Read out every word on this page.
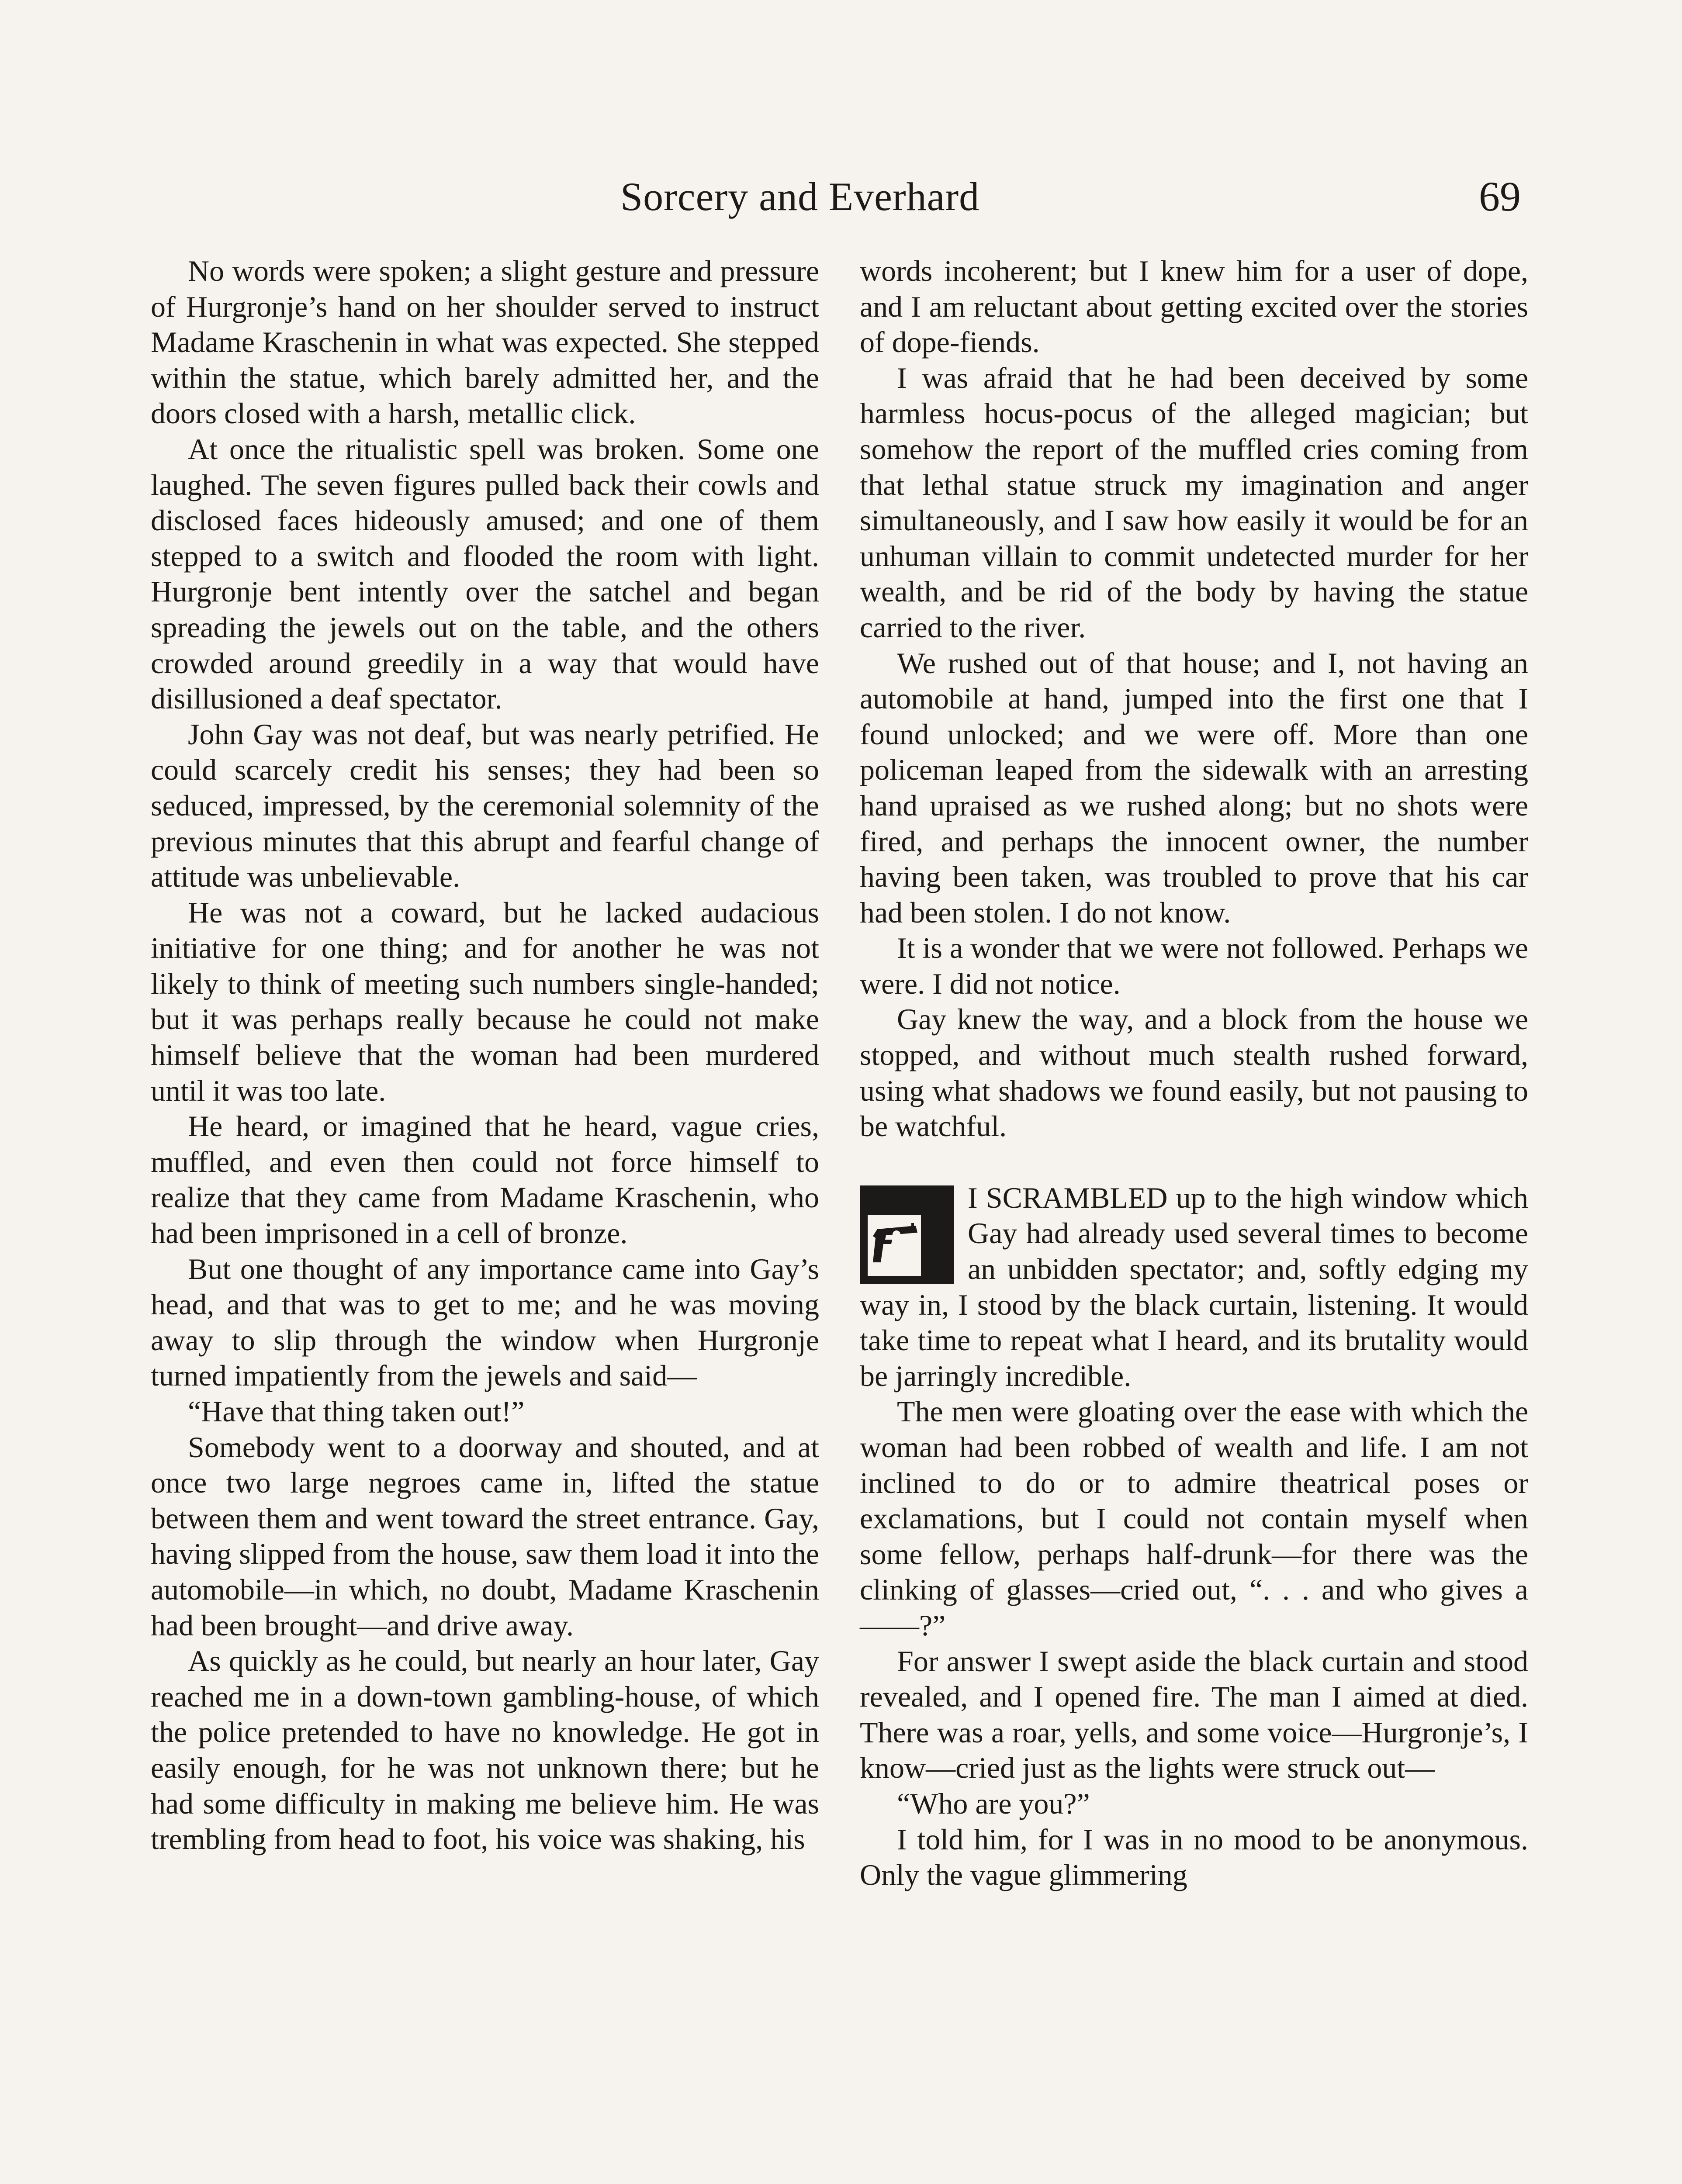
Sorcery and Everhard	69

No words were spoken; a slight gesture and pressure of Hurgronje’s hand on her shoulder served to instruct Madame Kraschenin in what was expected. She stepped within the statue, which barely admitted her, and the doors closed with a harsh, metallic click.

At once the ritualistic spell was broken. Some one laughed. The seven figures pulled back their cowls and disclosed faces hideously amused; and one of them stepped to a switch and flooded the room with light. Hurgronje bent intently over the satchel and began spreading the jewels out on the table, and the others crowded around greedily in a way that would have disillusioned a deaf spectator.

John Gay was not deaf, but was nearly petrified. He could scarcely credit his senses; they had been so seduced, impressed, by the ceremonial solemnity of the previous minutes that this abrupt and fearful change of attitude was unbelievable.

He was not a coward, but he lacked audacious initiative for one thing; and for another he was not likely to think of meeting such numbers single-handed; but it was perhaps really because he could not make himself believe that the woman had been murdered until it was too late.

He heard, or imagined that he heard, vague cries, muffled, and even then could not force himself to realize that they came from Madame Kraschenin, who had been imprisoned in a cell of bronze.

But one thought of any importance came into Gay’s head, and that was to get to me; and he was moving away to slip through the window when Hurgronje turned impatiently from the jewels and said—

“Have that thing taken out!”

Somebody went to a doorway and shouted, and at once two large negroes came in, lifted the statue between them and went toward the street entrance. Gay, having slipped from the house, saw them load it into the automobile—in which, no doubt, Madame Kraschenin had been brought—and drive away.

As quickly as he could, but nearly an hour later, Gay reached me in a down-town gambling-house, of which the police pretended to have no knowledge. He got in easily enough, for he was not unknown there; but he had some difficulty in making me believe him. He was trembling from head to foot, his voice was shaking, his

words incoherent; but I knew him for a user of dope, and I am reluctant about getting excited over the stories of dope-fiends.

I was afraid that he had been deceived by some harmless hocus-pocus of the alleged magician; but somehow the report of the muffled cries coming from that lethal statue struck my imagination and anger simultaneously, and I saw how easily it would be for an unhuman villain to commit undetected murder for her wealth, and be rid of the body by having the statue carried to the river.

We rushed out of that house; and I, not having an automobile at hand, jumped into the first one that I found unlocked; and we were off. More than one policeman leaped from the sidewalk with an arresting hand upraised as we rushed along; but no shots were fired, and perhaps the innocent owner, the number having been taken, was troubled to prove that his car had been stolen. I do not know.

It is a wonder that we were not followed. Perhaps we were. I did not notice.

Gay knew the way, and a block from the house we stopped, and without much stealth rushed forward, using what shadows we found easily, but not pausing to be watchful.

I SCRAMBLED up to the high window which Gay had already used several times to become an unbidden spectator; and, softly edging my way in, I stood by the black curtain, listening. It would take time to repeat what I heard, and its brutality would be jarringly incredible.

The men were gloating over the ease with which the woman had been robbed of wealth and life. I am not inclined to do or to admire theatrical poses or exclamations, but I could not contain myself when some fellow, perhaps half-drunk—for there was the clinking of glasses—cried out, “. . . and who gives a ——?”

For answer I swept aside the black curtain and stood revealed, and I opened fire. The man I aimed at died. There was a roar, yells, and some voice—Hurgronje’s, I know—cried just as the lights were struck out—

“Who are you?”

I told him, for I was in no mood to be anonymous. Only the vague glimmering
